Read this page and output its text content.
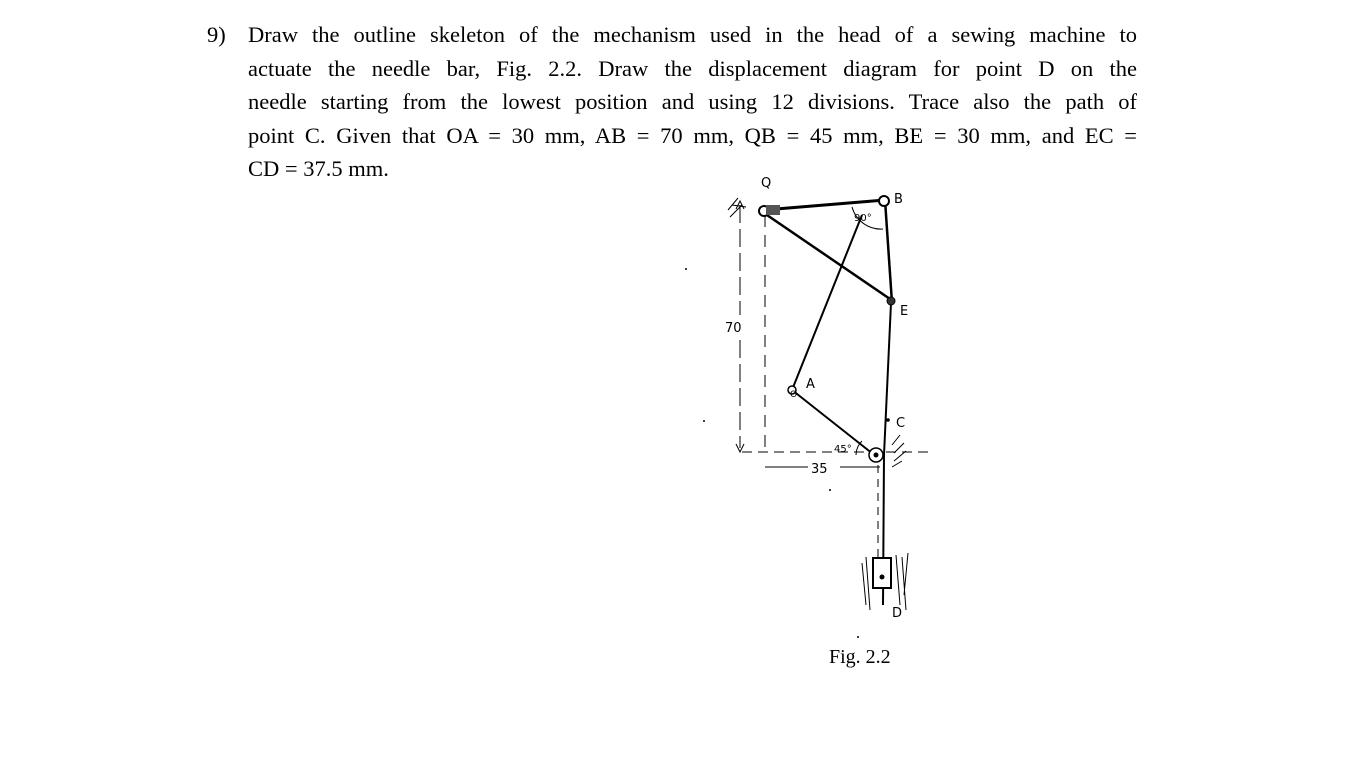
9) Draw the outline skeleton of the mechanism used in the head of a sewing machine to
actuate the needle bar, Fig. 2.2. Draw the displacement diagram for point D on the
needle starting from the lowest position and using 12 divisions. Trace also the path of
point C. Given that OA = 30 mm, AB = 70 mm, QB = 45 mm, BE = 30 mm, and EC =
CD = 37.5 mm.
70
35
90°
45°
Q
B
E
A
C
D
O
Fig. 2.2
